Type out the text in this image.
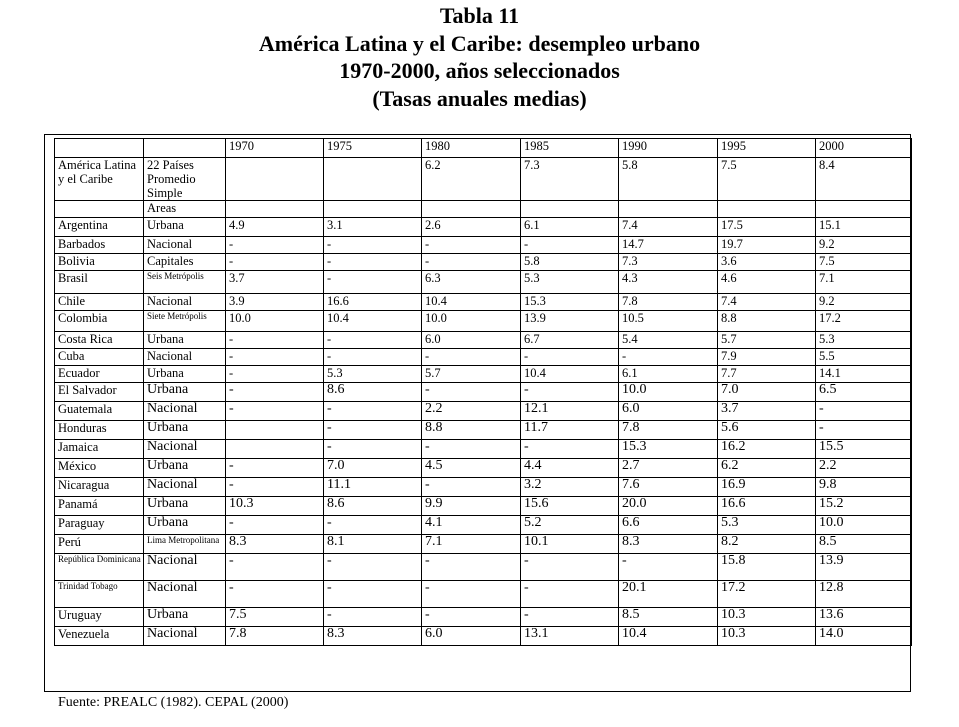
Tabla 11
América Latina y el Caribe: desempleo urbano
1970-2000, años seleccionados
(Tasas anuales medias)
		1970	1975	1980	1985	1990	1995	2000
América Latina y el Caribe	22 Países Promedio Simple			6.2	7.3	5.8	7.5	8.4
	Areas							
Argentina	Urbana	4.9	3.1	2.6	6.1	7.4	17.5	15.1
Barbados	Nacional	-	-	-	-	14.7	19.7	9.2
Bolivia	Capitales	-	-	-	5.8	7.3	3.6	7.5
Brasil	Seis Metrópolis	3.7	-	6.3	5.3	4.3	4.6	7.1
Chile	Nacional	3.9	16.6	10.4	15.3	7.8	7.4	9.2
Colombia	Siete Metrópolis	10.0	10.4	10.0	13.9	10.5	8.8	17.2
Costa Rica	Urbana	-	-	6.0	6.7	5.4	5.7	5.3
Cuba	Nacional	-	-	-	-	-	7.9	5.5
Ecuador	Urbana	-	5.3	5.7	10.4	6.1	7.7	14.1
El Salvador	Urbana	-	8.6	-	-	10.0	7.0	6.5
Guatemala	Nacional	-	-	2.2	12.1	6.0	3.7	-
Honduras	Urbana		-	8.8	11.7	7.8	5.6	-
Jamaica	Nacional		-	-	-	15.3	16.2	15.5
México	Urbana	-	7.0	4.5	4.4	2.7	6.2	2.2
Nicaragua	Nacional	-	11.1	-	3.2	7.6	16.9	9.8
Panamá	Urbana	10.3	8.6	9.9	15.6	20.0	16.6	15.2
Paraguay	Urbana	-	-	4.1	5.2	6.6	5.3	10.0
Perú	Lima Metropolitana	8.3	8.1	7.1	10.1	8.3	8.2	8.5
República Dominicana	Nacional	-	-	-	-	-	15.8	13.9
Trinidad Tobago	Nacional	-	-	-	-	20.1	17.2	12.8
Uruguay	Urbana	7.5	-	-	-	8.5	10.3	13.6
Venezuela	Nacional	7.8	8.3	6.0	13.1	10.4	10.3	14.0
Fuente: PREALC (1982). CEPAL (2000)
